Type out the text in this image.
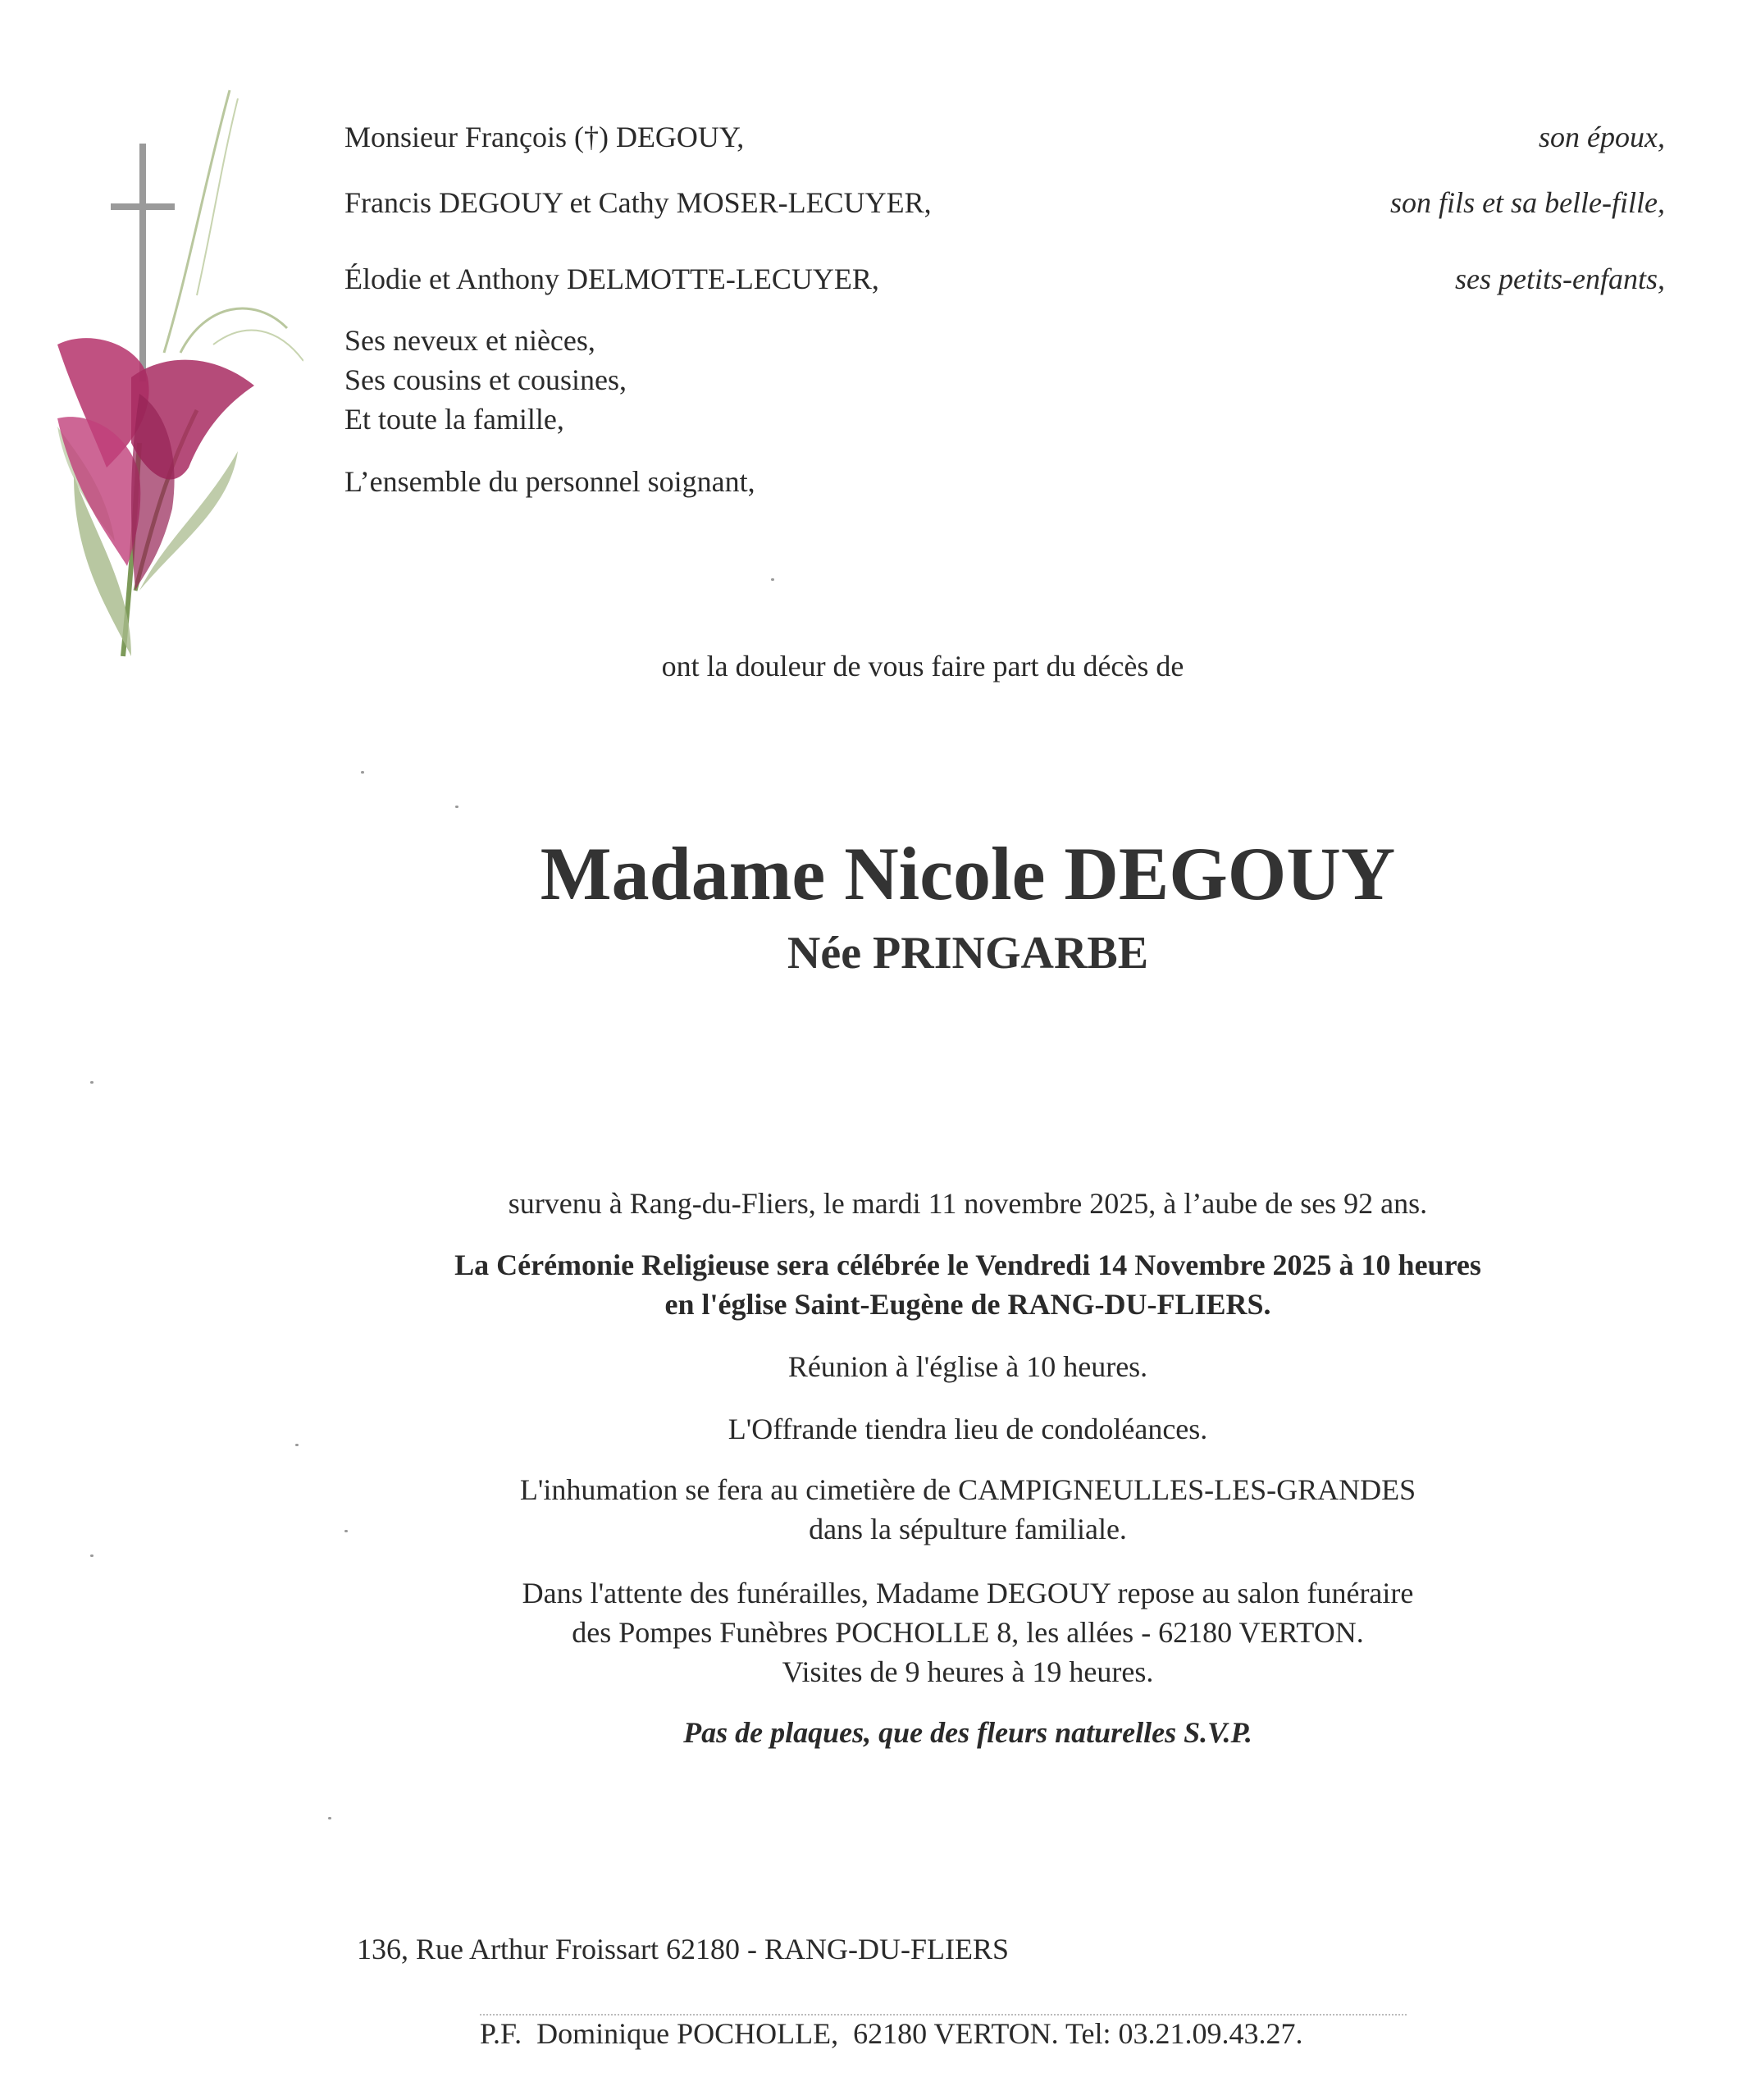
Monsieur François (†) DEGOUY,	son époux,
Francis DEGOUY et Cathy MOSER-LECUYER,	son fils et sa belle-fille,
Élodie et Anthony DELMOTTE-LECUYER,	ses petits-enfants,
Ses neveux et nièces,
Ses cousins et cousines,
Et toute la famille,
L’ensemble du personnel soignant,
ont la douleur de vous faire part du décès de
Madame Nicole DEGOUY
Née PRINGARBE
survenu à Rang-du-Fliers, le mardi 11 novembre 2025, à l’aube de ses 92 ans.
La Cérémonie Religieuse sera célébrée le Vendredi 14 Novembre 2025 à 10 heures
en l'église Saint-Eugène de RANG-DU-FLIERS.
Réunion à l'église à 10 heures.
L'Offrande tiendra lieu de condoléances.
L'inhumation se fera au cimetière de CAMPIGNEULLES-LES-GRANDES
dans la sépulture familiale.
Dans l'attente des funérailles, Madame DEGOUY repose au salon funéraire
des Pompes Funèbres POCHOLLE 8, les allées - 62180 VERTON.
Visites de 9 heures à 19 heures.
Pas de plaques, que des fleurs naturelles S.V.P.
136, Rue Arthur Froissart 62180 - RANG-DU-FLIERS
P.F.  Dominique POCHOLLE,  62180 VERTON. Tel: 03.21.09.43.27.
